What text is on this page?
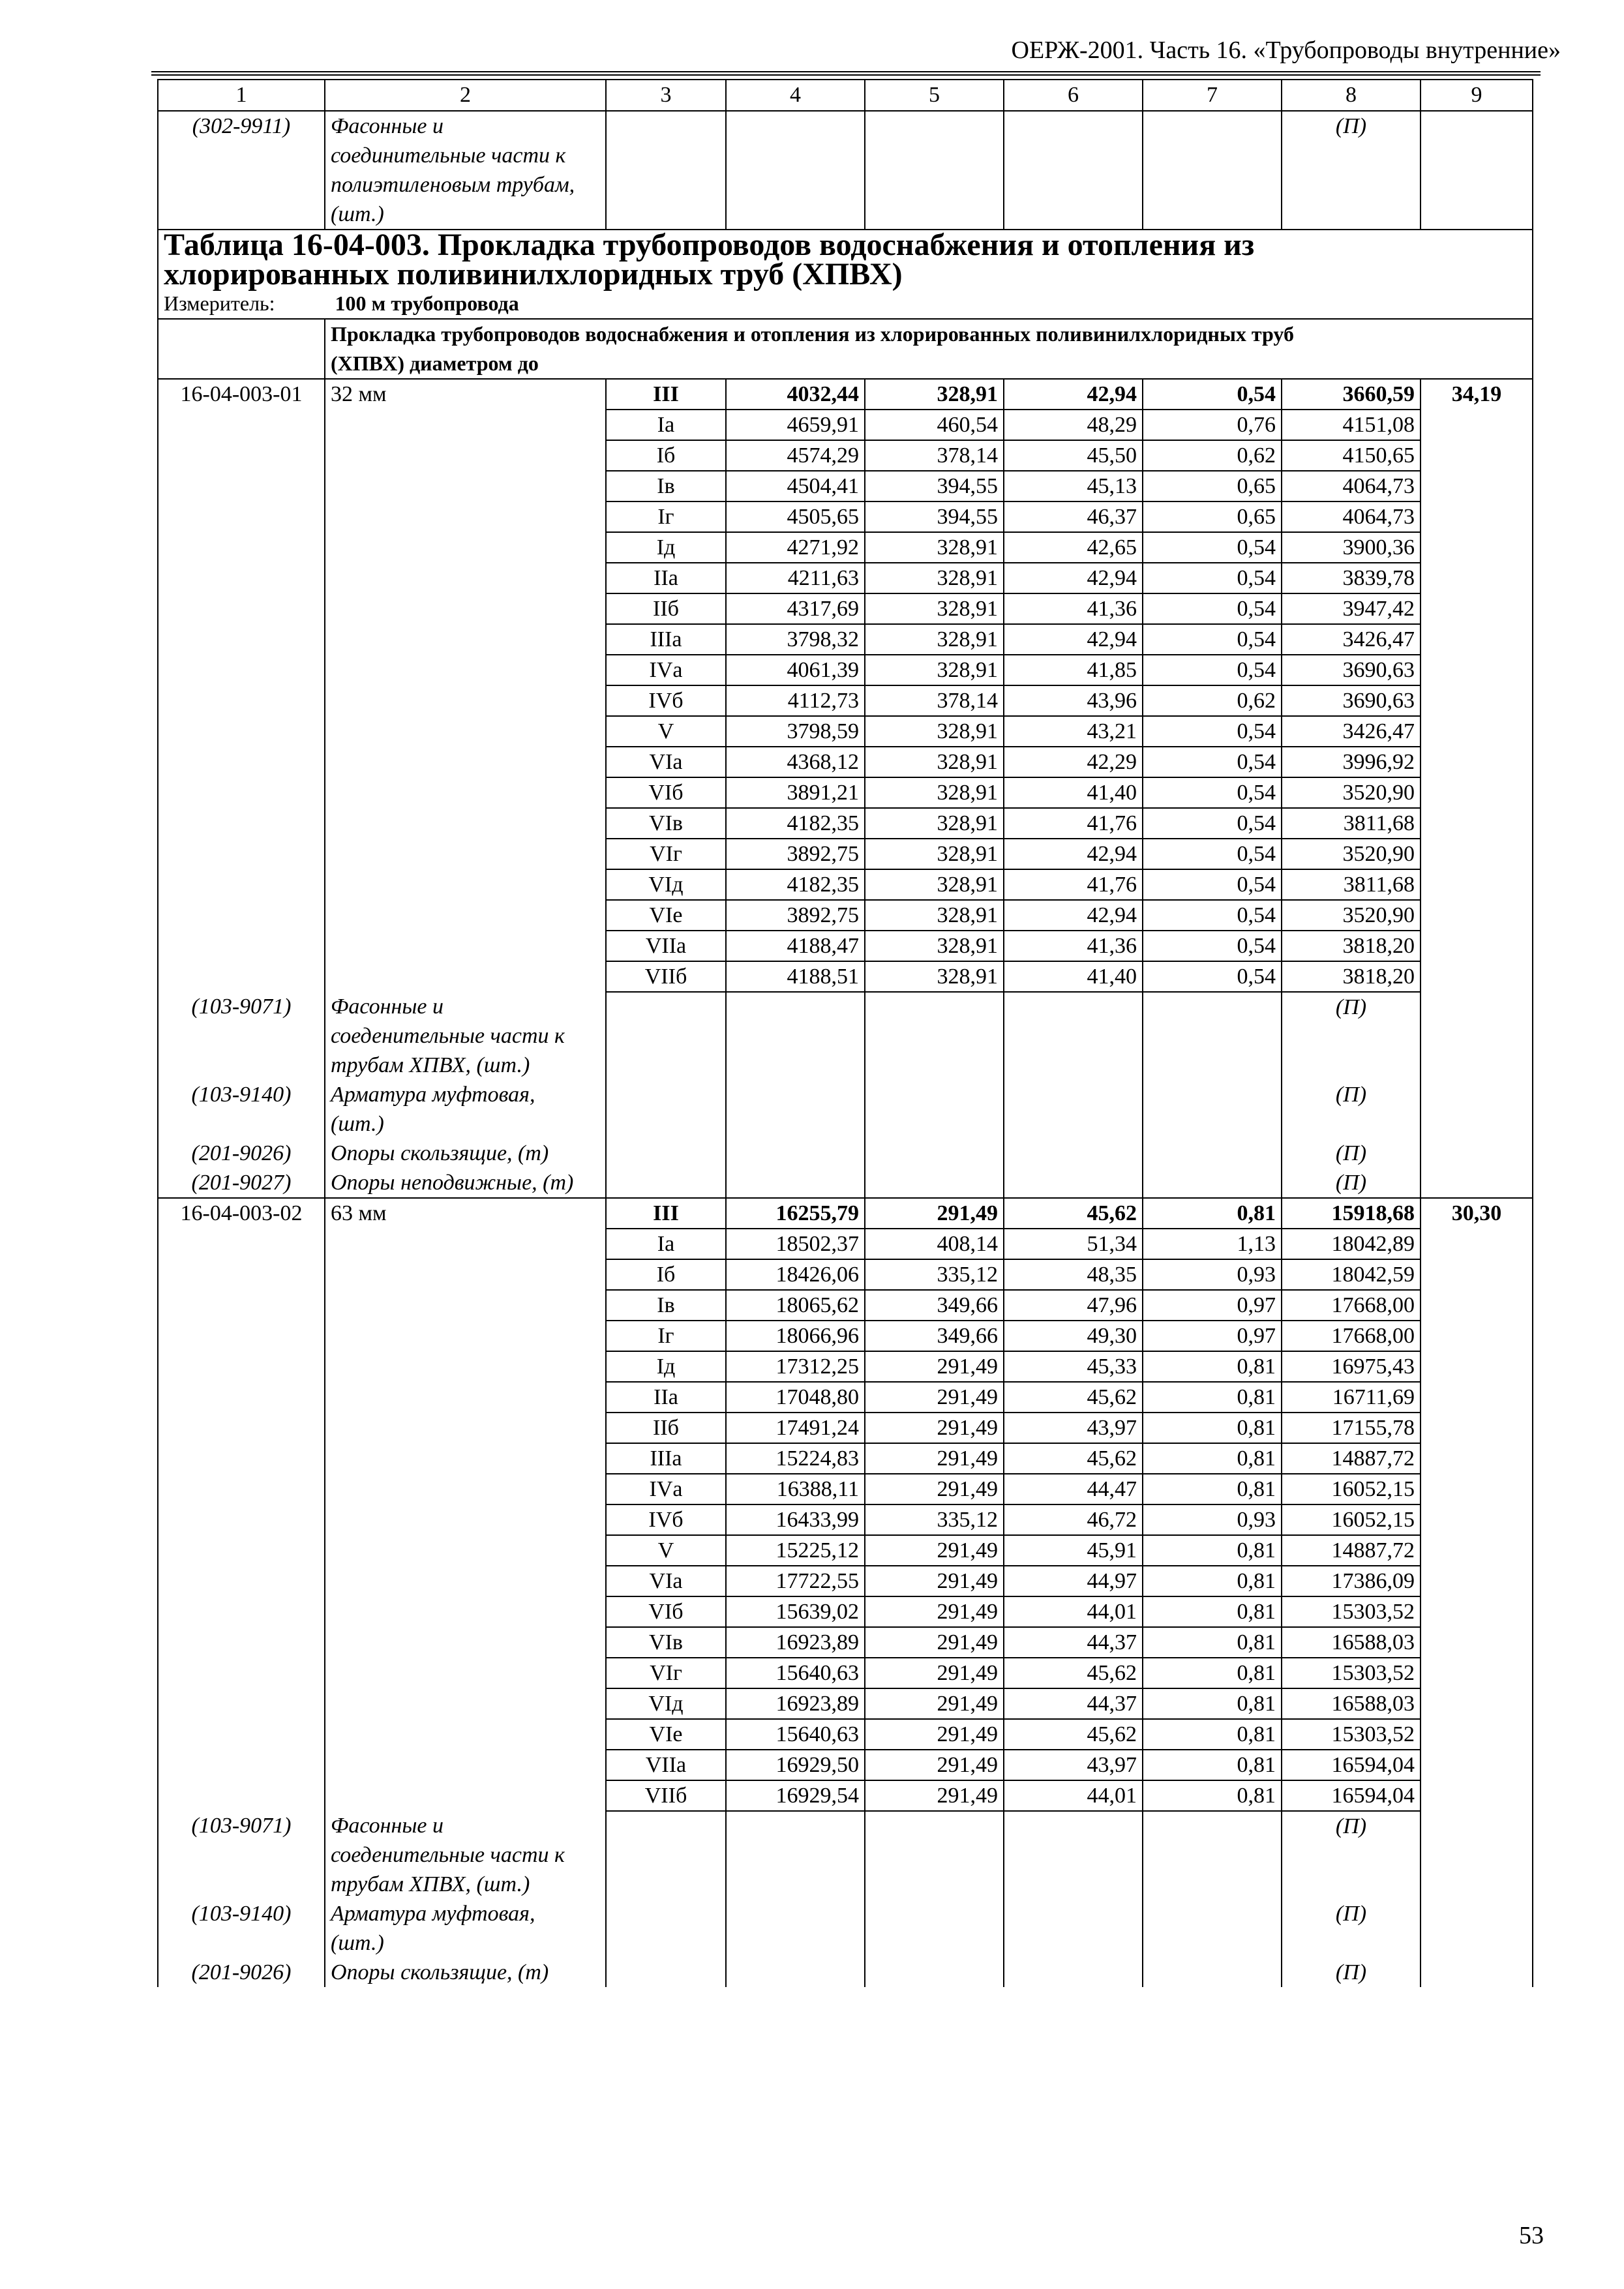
ОЕРЖ-2001. Часть 16. «Трубопроводы внутренние»
1	2	3	4	5	6	7	8	9
(302-9911)	Фасонные и
соединительные части к
полиэтиленовым трубам,
(шт.)						(П)	

Таблица 16-04-003. Прокладка трубопроводов водоснабжения и отопления из
хлорированных поливинилхлоридных труб (ХПВХ)								

Измеритель: 100 м трубопровода								

	Прокладка трубопроводов водоснабжения и отопления из хлорированных поливинилхлоридных труб
(ХПВХ) диаметром до							

16-04-003-01	32 мм	III	4032,44	328,91	42,94	0,54	3660,59	34,19
		Iа	4659,91	460,54	48,29	0,76	4151,08	
		Iб	4574,29	378,14	45,50	0,62	4150,65	
		Iв	4504,41	394,55	45,13	0,65	4064,73	
		Iг	4505,65	394,55	46,37	0,65	4064,73	
		Iд	4271,92	328,91	42,65	0,54	3900,36	
		IIа	4211,63	328,91	42,94	0,54	3839,78	
		IIб	4317,69	328,91	41,36	0,54	3947,42	
		IIIа	3798,32	328,91	42,94	0,54	3426,47	
		IVа	4061,39	328,91	41,85	0,54	3690,63	
		IVб	4112,73	378,14	43,96	0,62	3690,63	
		V	3798,59	328,91	43,21	0,54	3426,47	
		VIа	4368,12	328,91	42,29	0,54	3996,92	
		VIб	3891,21	328,91	41,40	0,54	3520,90	
		VIв	4182,35	328,91	41,76	0,54	3811,68	
		VIг	3892,75	328,91	42,94	0,54	3520,90	
		VIд	4182,35	328,91	41,76	0,54	3811,68	
		VIе	3892,75	328,91	42,94	0,54	3520,90	
		VIIа	4188,47	328,91	41,36	0,54	3818,20	
		VIIб	4188,51	328,91	41,40	0,54	3818,20	
(103-9071)	Фасонные и
соеденительные части к
трубам ХПВХ, (шт.)						(П)	
(103-9140)	Арматура муфтовая,
(шт.)						(П)	
(201-9026)	Опоры скользящие, (т)						(П)	
(201-9027)	Опоры неподвижные, (т)						(П)	
16-04-003-02	63 мм	III	16255,79	291,49	45,62	0,81	15918,68	30,30
		Iа	18502,37	408,14	51,34	1,13	18042,89	
		Iб	18426,06	335,12	48,35	0,93	18042,59	
		Iв	18065,62	349,66	47,96	0,97	17668,00	
		Iг	18066,96	349,66	49,30	0,97	17668,00	
		Iд	17312,25	291,49	45,33	0,81	16975,43	
		IIа	17048,80	291,49	45,62	0,81	16711,69	
		IIб	17491,24	291,49	43,97	0,81	17155,78	
		IIIа	15224,83	291,49	45,62	0,81	14887,72	
		IVа	16388,11	291,49	44,47	0,81	16052,15	
		IVб	16433,99	335,12	46,72	0,93	16052,15	
		V	15225,12	291,49	45,91	0,81	14887,72	
		VIа	17722,55	291,49	44,97	0,81	17386,09	
		VIб	15639,02	291,49	44,01	0,81	15303,52	
		VIв	16923,89	291,49	44,37	0,81	16588,03	
		VIг	15640,63	291,49	45,62	0,81	15303,52	
		VIд	16923,89	291,49	44,37	0,81	16588,03	
		VIе	15640,63	291,49	45,62	0,81	15303,52	
		VIIа	16929,50	291,49	43,97	0,81	16594,04	
		VIIб	16929,54	291,49	44,01	0,81	16594,04	
(103-9071)	Фасонные и
соеденительные части к
трубам ХПВХ, (шт.)						(П)	
(103-9140)	Арматура муфтовая,
(шт.)						(П)	
(201-9026)	Опоры скользящие, (т)						(П)	
53
